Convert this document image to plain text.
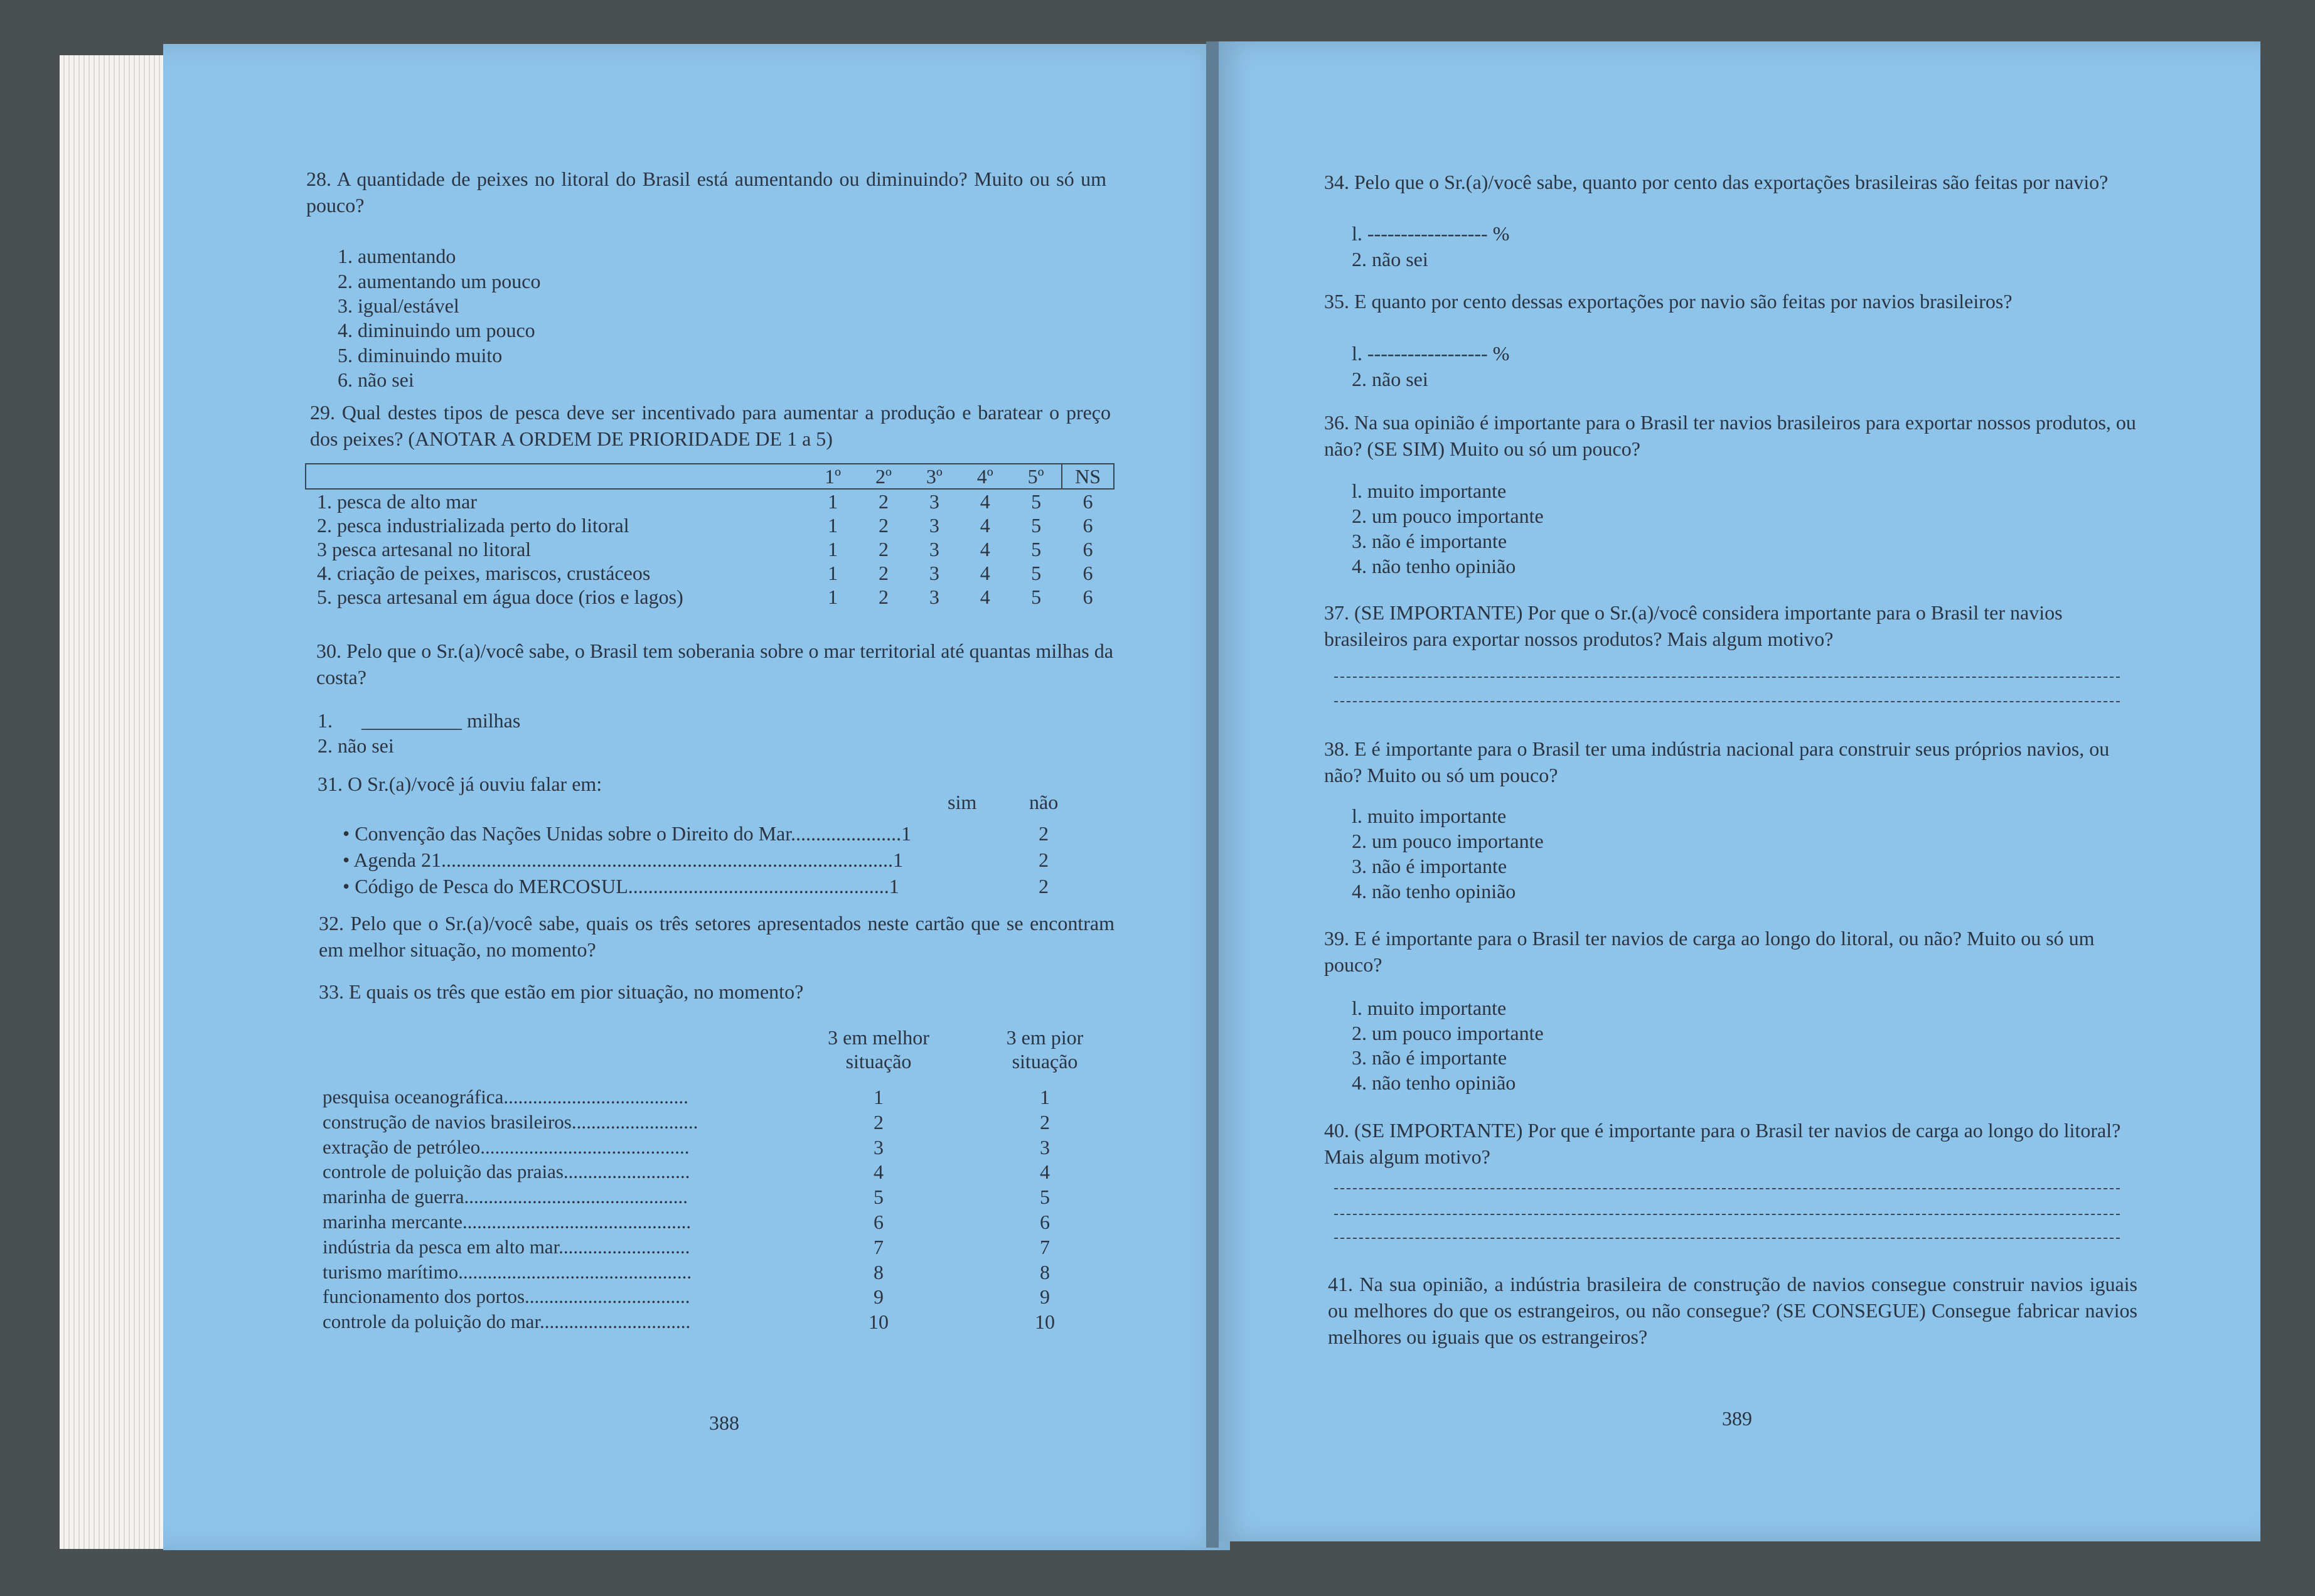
28. A quantidade de peixes no litoral do Brasil está aumentando ou diminuindo? Muito ou só um pouco?
1. aumentando
2. aumentando um pouco
3. igual/estável
4. diminuindo um pouco
5. diminuindo muito
6. não sei
29. Qual destes tipos de pesca deve ser incentivado para aumentar a produção e baratear o preço dos peixes? (ANOTAR A ORDEM DE PRIORIDADE DE 1 a 5)
	1º	2º	3º	4º	5º	NS
1. pesca de alto mar	1	2	3	4	5	6
2. pesca industrializada perto do litoral	1	2	3	4	5	6
3 pesca artesanal no litoral	1	2	3	4	5	6
4. criação de peixes, mariscos, crustáceos	1	2	3	4	5	6
5. pesca artesanal em água doce (rios e lagos)	1	2	3	4	5	6
30. Pelo que o Sr.(a)/você sabe, o Brasil tem soberania sobre o mar territorial até quantas milhas da costa?
1. __________ milhas
2. não sei
31. O Sr.(a)/você já ouviu falar em:
sim	não
• Convenção das Nações Unidas sobre o Direito do Mar......................1	2
• Agenda 21..........................................................................................1	2
• Código de Pesca do MERCOSUL....................................................1	2
32. Pelo que o Sr.(a)/você sabe, quais os três setores apresentados neste cartão que se encontram em melhor situação, no momento?
33. E quais os três que estão em pior situação, no momento?
3 em melhor situação
3 em pior situação
pesquisa oceanográfica......................................	1	1
construção de navios brasileiros..........................	2	2
extração de petróleo...........................................	3	3
controle de poluição das praias..........................	4	4
marinha de guerra..............................................	5	5
marinha mercante...............................................	6	6
indústria da pesca em alto mar...........................	7	7
turismo marítimo................................................	8	8
funcionamento dos portos..................................	9	9
controle da poluição do mar...............................	10	10
388
34. Pelo que o Sr.(a)/você sabe, quanto por cento das exportações brasileiras são feitas por navio?
l. ------------------ %
2. não sei
35. E quanto por cento dessas exportações por navio são feitas por navios brasileiros?
l. ------------------ %
2. não sei
36. Na sua opinião é importante para o Brasil ter navios brasileiros para exportar nossos produtos, ou não? (SE SIM) Muito ou só um pouco?
l. muito importante
2. um pouco importante
3. não é importante
4. não tenho opinião
37. (SE IMPORTANTE) Por que o Sr.(a)/você considera importante para o Brasil ter navios brasileiros para exportar nossos produtos? Mais algum motivo?
38. E é importante para o Brasil ter uma indústria nacional para construir seus próprios navios, ou não? Muito ou só um pouco?
l. muito importante
2. um pouco importante
3. não é importante
4. não tenho opinião
39. E é importante para o Brasil ter navios de carga ao longo do litoral, ou não? Muito ou só um pouco?
l. muito importante
2. um pouco importante
3. não é importante
4. não tenho opinião
40. (SE IMPORTANTE) Por que é importante para o Brasil ter navios de carga ao longo do litoral? Mais algum motivo?
41. Na sua opinião, a indústria brasileira de construção de navios consegue construir navios iguais ou melhores do que os estrangeiros, ou não consegue? (SE CONSEGUE) Consegue fabricar navios melhores ou iguais que os estrangeiros?
389
